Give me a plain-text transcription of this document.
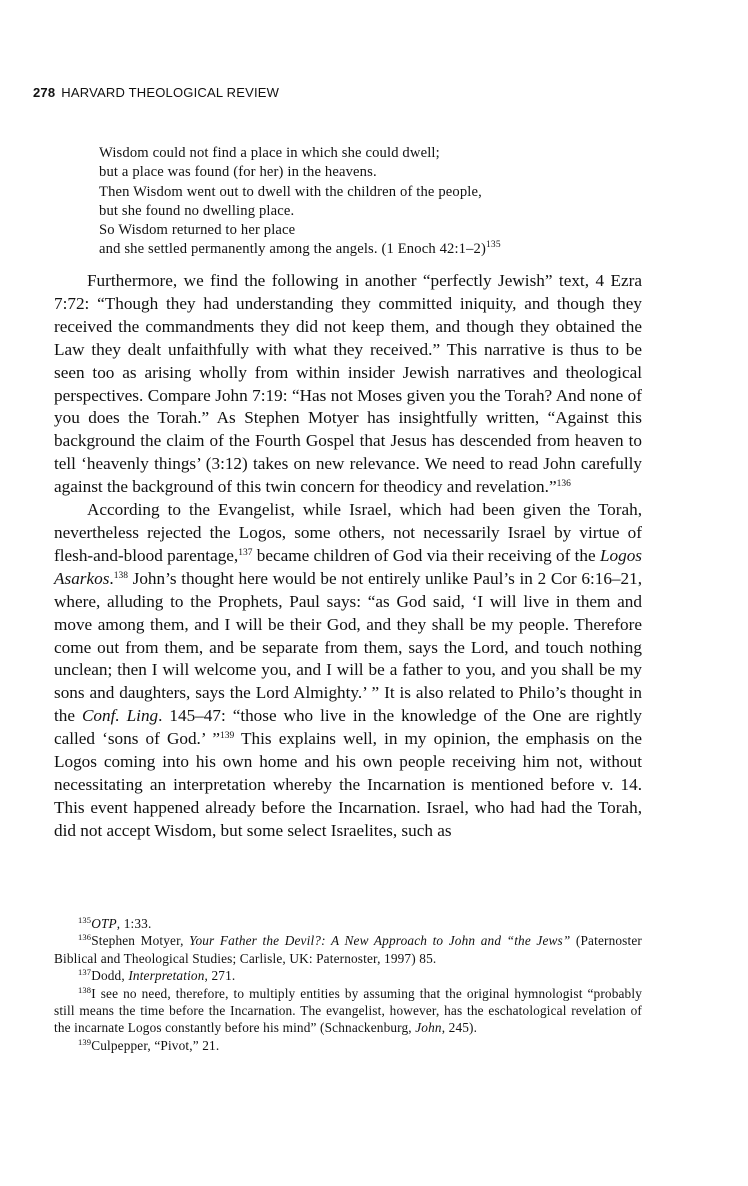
278 HARVARD THEOLOGICAL REVIEW
Wisdom could not find a place in which she could dwell;
but a place was found (for her) in the heavens.
Then Wisdom went out to dwell with the children of the people,
but she found no dwelling place.
So Wisdom returned to her place
and she settled permanently among the angels. (1 Enoch 42:1–2)$^{135}$

Furthermore, we find the following in another “perfectly Jewish” text, 4 Ezra 7:72: “Though they had understanding they committed iniquity, and though they received the commandments they did not keep them, and though they obtained the Law they dealt unfaithfully with what they received.” This narrative is thus to be seen too as arising wholly from within insider Jewish narratives and theological perspectives. Compare John 7:19: “Has not Moses given you the Torah? And none of you does the Torah.” As Stephen Motyer has insightfully written, “Against this background the claim of the Fourth Gospel that Jesus has descended from heaven to tell ‘heavenly things’ (3:12) takes on new relevance. We need to read John carefully against the background of this twin concern for theodicy and revelation.”$^{136}$

According to the Evangelist, while Israel, which had been given the Torah, nevertheless rejected the Logos, some others, not necessarily Israel by virtue of flesh-and-blood parentage,$^{137}$ became children of God via their receiving of the Logos Asarkos.$^{138}$ John’s thought here would be not entirely unlike Paul’s in 2 Cor 6:16–21, where, alluding to the Prophets, Paul says: “as God said, ‘I will live in them and move among them, and I will be their God, and they shall be my people. Therefore come out from them, and be separate from them, says the Lord, and touch nothing unclean; then I will welcome you, and I will be a father to you, and you shall be my sons and daughters, says the Lord Almighty.’ ” It is also related to Philo’s thought in the Conf. Ling. 145–47: “those who live in the knowledge of the One are rightly called ‘sons of God.’ ”$^{139}$ This explains well, in my opinion, the emphasis on the Logos coming into his own home and his own people receiving him not, without necessitating an interpretation whereby the Incarnation is mentioned before v. 14. This event happened already before the Incarnation. Israel, who had had the Torah, did not accept Wisdom, but some select Israelites, such as

$^{135}$OTP, 1:33.

$^{136}$Stephen Motyer, Your Father the Devil?: A New Approach to John and “the Jews” (Paternoster Biblical and Theological Studies; Carlisle, UK: Paternoster, 1997) 85.

$^{137}$Dodd, Interpretation, 271.

$^{138}$I see no need, therefore, to multiply entities by assuming that the original hymnologist “probably still means the time before the Incarnation. The evangelist, however, has the eschatological revelation of the incarnate Logos constantly before his mind” (Schnackenburg, John, 245).

$^{139}$Culpepper, “Pivot,” 21.
